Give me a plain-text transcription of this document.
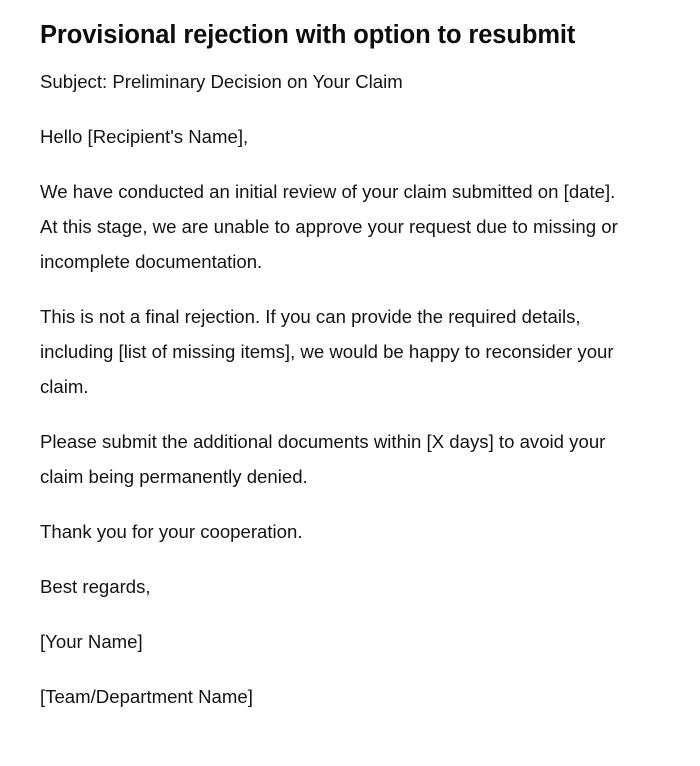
Provisional rejection with option to resubmit

Subject: Preliminary Decision on Your Claim

Hello [Recipient's Name],

We have conducted an initial review of your claim submitted on [date]. At this stage, we are unable to approve your request due to missing or incomplete documentation.

This is not a final rejection. If you can provide the required details, including [list of missing items], we would be happy to reconsider your claim.

Please submit the additional documents within [X days] to avoid your claim being permanently denied.

Thank you for your cooperation.

Best regards,

[Your Name]

[Team/Department Name]
